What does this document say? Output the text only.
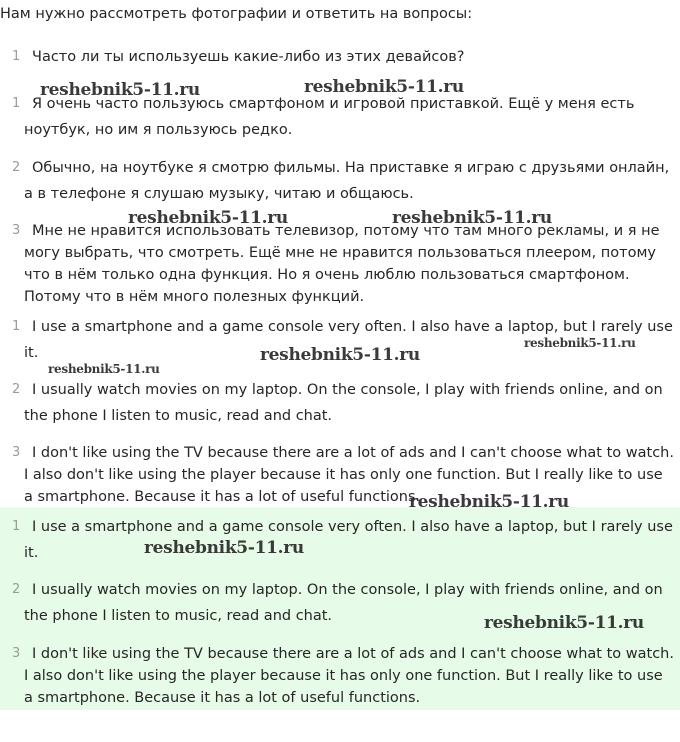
Нам нужно рассмотреть фотографии и ответить на вопросы:
1 Часто ли ты используешь какие-либо из этих девайсов?

1 Я очень часто пользуюсь смартфоном и игровой приставкой. Ещё у меня есть ноутбук, но им я пользуюсь редко.

2 Обычно, на ноутбуке я смотрю фильмы. На приставке я играю с друзьями онлайн, а в телефоне я слушаю музыку, читаю и общаюсь.

3 Мне не нравится использовать телевизор, потому что там много рекламы, и я не могу выбрать, что смотреть. Ещё мне не нравится пользоваться плеером, потому что в нём только одна функция. Но я очень люблю пользоваться смартфоном. Потому что в нём много полезных функций.

1 I use a smartphone and a game console very often. I also have a laptop, but I rarely use it.

2 I usually watch movies on my laptop. On the console, I play with friends online, and on the phone I listen to music, read and chat.

3 I don't like using the TV because there are a lot of ads and I can't choose what to watch. I also don't like using the player because it has only one function. But I really like to use a smartphone. Because it has a lot of useful functions.

1 I use a smartphone and a game console very often. I also have a laptop, but I rarely use it.

2 I usually watch movies on my laptop. On the console, I play with friends online, and on the phone I listen to music, read and chat.

3 I don't like using the TV because there are a lot of ads and I can't choose what to watch. I also don't like using the player because it has only one function. But I really like to use a smartphone. Because it has a lot of useful functions.

reshebnik5-11.ru	reshebnik5-11.ru
reshebnik5-11.ru	reshebnik5-11.ru
reshebnik5-11.ru
reshebnik5-11.ru
reshebnik5-11.ru
reshebnik5-11.ru
reshebnik5-11.ru
reshebnik5-11.ru
